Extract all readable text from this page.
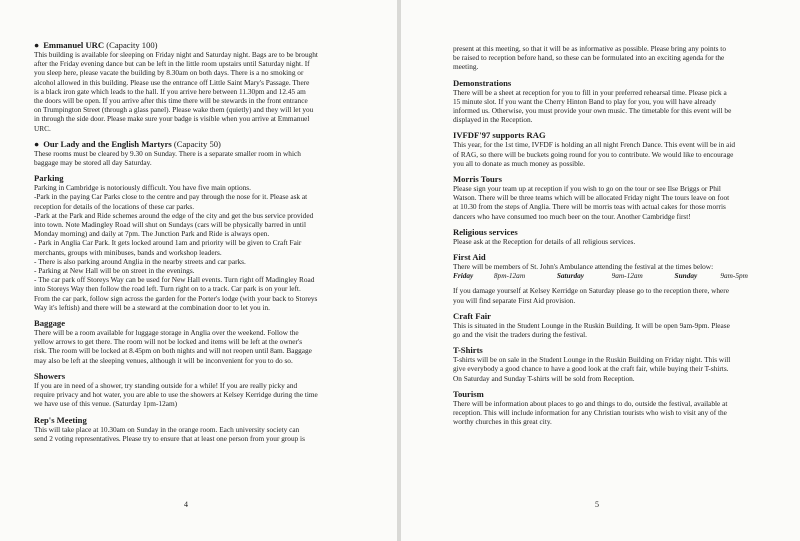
● Emmanuel URC (Capacity 100)

This building is available for sleeping on Friday night and Saturday night. Bags are to be brought
after the Friday evening dance but can be left in the little room upstairs until Saturday night. If
you sleep here, please vacate the building by 8.30am on both days. There is a no smoking or
alcohol allowed in this building. Please use the entrance off Little Saint Mary's Passage. There
is a black iron gate which leads to the hall. If you arrive here between 11.30pm and 12.45 am
the doors will be open. If you arrive after this time there will be stewards in the front entrance
on Trumpington Street (through a glass panel). Please wake them (quietly) and they will let you
in through the side door. Please make sure your badge is visible when you arrive at Emmanuel
URC.

● Our Lady and the English Martyrs (Capacity 50)

These rooms must be cleared by 9.30 on Sunday. There is a separate smaller room in which
baggage may be stored all day Saturday.

Parking

Parking in Cambridge is notoriously difficult. You have five main options.
-Park in the paying Car Parks close to the centre and pay through the nose for it. Please ask at
reception for details of the locations of these car parks.
-Park at the Park and Ride schemes around the edge of the city and get the bus service provided
into town. Note Madingley Road will shut on Sundays (cars will be physically barred in until
Monday morning) and daily at 7pm. The Junction Park and Ride is always open.
- Park in Anglia Car Park. It gets locked around 1am and priority will be given to Craft Fair
merchants, groups with minibuses, bands and workshop leaders.
- There is also parking around Anglia in the nearby streets and car parks.
- Parking at New Hall will be on street in the evenings.
- The car park off Storeys Way can be used for New Hall events. Turn right off Madingley Road
into Storeys Way then follow the road left. Turn right on to a track. Car park is on your left.
From the car park, follow sign across the garden for the Porter's lodge (with your back to Storeys
Way it's leftish) and there will be a steward at the combination door to let you in.

Baggage

There will be a room available for luggage storage in Anglia over the weekend. Follow the
yellow arrows to get there. The room will not be locked and items will be left at the owner's
risk. The room will be locked at 8.45pm on both nights and will not reopen until 8am. Baggage
may also be left at the sleeping venues, although it will be inconvenient for you to do so.

Showers

If you are in need of a shower, try standing outside for a while! If you are really picky and
require privacy and hot water, you are able to use the showers at Kelsey Kerridge during the time
we have use of this venue. (Saturday 1pm-12am)

Rep's Meeting

This will take place at 10.30am on Sunday in the orange room. Each university society can
send 2 voting representatives. Please try to ensure that at least one person from your group is

4

present at this meeting, so that it will be as informative as possible. Please bring any points to
be raised to reception before hand, so these can be formulated into an exciting agenda for the
meeting.

Demonstrations

There will be a sheet at reception for you to fill in your preferred rehearsal time. Please pick a
15 minute slot. If you want the Cherry Hinton Band to play for you, you will have already
informed us. Otherwise, you must provide your own music. The timetable for this event will be
displayed in the Reception.

IVFDF'97 supports RAG

This year, for the 1st time, IVFDF is holding an all night French Dance. This event will be in aid
of RAG, so there will be buckets going round for you to contribute. We would like to encourage
you all to donate as much money as possible.

Morris Tours

Please sign your team up at reception if you wish to go on the tour or see Ilse Briggs or Phil
Watson. There will be three teams which will be allocated Friday night The tours leave on foot
at 10.30 from the steps of Anglia. There will be morris teas with actual cakes for those morris
dancers who have consumed too much beer on the tour. Another Cambridge first!

Religious services

Please ask at the Reception for details of all religious services.

First Aid

There will be members of St. John's Ambulance attending the festival at the times below:

Friday	8pm-12am	Saturday	9am-12am	Sunday	9am-5pm

If you damage yourself at Kelsey Kerridge on Saturday please go to the reception there, where
you will find separate First Aid provision.

Craft Fair

This is situated in the Student Lounge in the Ruskin Building. It will be open 9am-9pm. Please
go and the visit the traders during the festival.

T-Shirts

T-shirts will be on sale in the Student Lounge in the Ruskin Building on Friday night. This will
give everybody a good chance to have a good look at the craft fair, while buying their T-shirts.
On Saturday and Sunday T-shirts will be sold from Reception.

Tourism

There will be information about places to go and things to do, outside the festival, available at
reception. This will include information for any Christian tourists who wish to visit any of the
worthy churches in this great city.

5
